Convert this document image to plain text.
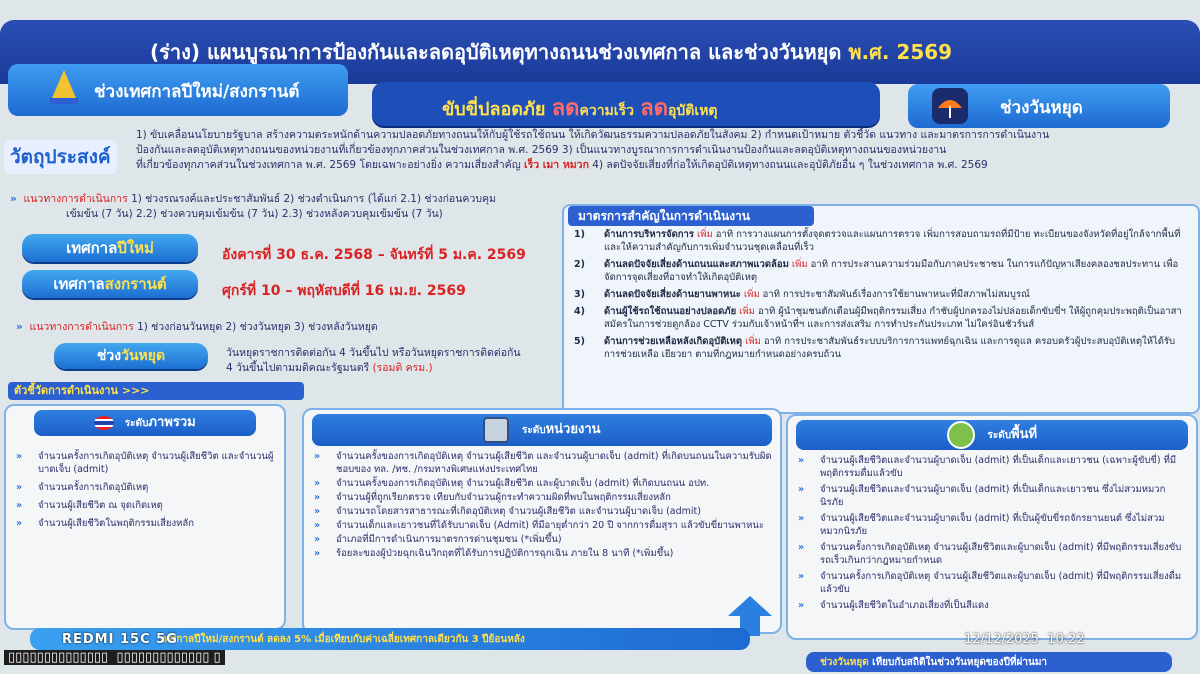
(ร่าง) แผนบูรณาการป้องกันและลดอุบัติเหตุทางถนนช่วงเทศกาล และช่วงวันหยุด พ.ศ. 2569
ช่วงเทศกาลปีใหม่/สงกรานต์
ขับขี่ปลอดภัย ลดความเร็ว ลดอุบัติเหตุ	ช่วงวันหยุด
วัตถุประสงค์
1) ขับเคลื่อนนโยบายรัฐบาล สร้างความตระหนักด้านความปลอดภัยทางถนนให้กับผู้ใช้รถใช้ถนน ให้เกิดวัฒนธรรมความปลอดภัยในสังคม 2) กำหนดเป้าหมาย ตัวชี้วัด แนวทาง และมาตรการการดำเนินงาน
ป้องกันและลดอุบัติเหตุทางถนนของหน่วยงานที่เกี่ยวข้องทุกภาคส่วนในช่วงเทศกาล พ.ศ. 2569 3) เป็นแนวทางบูรณาการการดำเนินงานป้องกันและลดอุบัติเหตุทางถนนของหน่วยงาน
ที่เกี่ยวข้องทุกภาคส่วนในช่วงเทศกาล พ.ศ. 2569 โดยเฉพาะอย่างยิ่ง ความเสี่ยงสำคัญ เร็ว เมา หมวก 4) ลดปัจจัยเสี่ยงที่ก่อให้เกิดอุบัติเหตุทางถนนและอุบัติภัยอื่น ๆ ในช่วงเทศกาล พ.ศ. 2569
» แนวทางการดำเนินการ 1) ช่วงรณรงค์และประชาสัมพันธ์ 2) ช่วงดำเนินการ (ได้แก่ 2.1) ช่วงก่อนควบคุม
เข้มข้น (7 วัน) 2.2) ช่วงควบคุมเข้มข้น (7 วัน) 2.3) ช่วงหลังควบคุมเข้มข้น (7 วัน)
เทศกาลปีใหม่	อังคารที่ 30 ธ.ค. 2568 – จันทร์ที่ 5 ม.ค. 2569
เทศกาลสงกรานต์	ศุกร์ที่ 10 – พฤหัสบดีที่ 16 เม.ย. 2569
» แนวทางการดำเนินการ 1) ช่วงก่อนวันหยุด 2) ช่วงวันหยุด 3) ช่วงหลังวันหยุด
ช่วงวันหยุด	วันหยุดราชการติดต่อกัน 4 วันขึ้นไป หรือวันหยุดราชการติดต่อกัน
4 วันขึ้นไปตามมติคณะรัฐมนตรี (รอมติ ครม.)
ตัวชี้วัดการดำเนินงาน >>>
มาตรการสำคัญในการดำเนินงาน
1)	ด้านการบริหารจัดการ เพิ่ม อาทิ การวางแผนการตั้งจุดตรวจและแผนการตรวจ เพิ่มการสอบถามรถที่มีป้าย ทะเบียนของจังหวัดที่อยู่ใกล้จากพื้นที่ และให้ความสำคัญกับการเพิ่มจำนวนชุดเคลื่อนที่เร็ว
2)	ด้านลดปัจจัยเสี่ยงด้านถนนและสภาพแวดล้อม เพิ่ม อาทิ การประสานความร่วมมือกับภาคประชาชน ในการแก้ปัญหาเสียงคลองชลประทาน เพื่อจัดการจุดเสี่ยงที่อาจทำให้เกิดอุบัติเหตุ
3)	ด้านลดปัจจัยเสี่ยงด้านยานพาหนะ เพิ่ม อาทิ การประชาสัมพันธ์เรื่องการใช้ยานพาหนะที่มีสภาพไม่สมบูรณ์
4)	ด้านผู้ใช้รถใช้ถนนอย่างปลอดภัย เพิ่ม อาทิ ผู้นำชุมชนตักเตือนผู้มีพฤติกรรมเสี่ยง กำชับผู้ปกครองไม่ปล่อยเด็กขับขี่ฯ ให้ผู้ถูกคุมประพฤติเป็นอาสาสมัครในการช่วยดูกล้อง CCTV ร่วมกับเจ้าหน้าที่ฯ และการส่งเสริม การทำประกันประเภท ไม่ใคร่อินชัวร์นส์
5)	ด้านการช่วยเหลือหลังเกิดอุบัติเหตุ เพิ่ม อาทิ การประชาสัมพันธ์ระบบบริการการแพทย์ฉุกเฉิน และการดูแล ครอบครัวผู้ประสบอุบัติเหตุให้ได้รับการช่วยเหลือ เยียวยา ตามที่กฎหมายกำหนดอย่างครบถ้วน
ระดับภาพรวม
»	จำนวนครั้งการเกิดอุบัติเหตุ จำนวนผู้เสียชีวิต และจำนวนผู้บาดเจ็บ (admit)
»	จำนวนครั้งการเกิดอุบัติเหตุ
»	จำนวนผู้เสียชีวิต ณ จุดเกิดเหตุ
»	จำนวนผู้เสียชีวิตในพฤติกรรมเสี่ยงหลัก
ระดับหน่วยงาน
»	จำนวนครั้งของการเกิดอุบัติเหตุ จำนวนผู้เสียชีวิต และจำนวนผู้บาดเจ็บ (admit) ที่เกิดบนถนนในความรับผิดชอบของ ทล. /ทช. /กรมทางพิเศษแห่งประเทศไทย
»	จำนวนครั้งของการเกิดอุบัติเหตุ จำนวนผู้เสียชีวิต และผู้บาดเจ็บ (admit) ที่เกิดบนถนน อปท.
»	จำนวนผู้ที่ถูกเรียกตรวจ เทียบกับจำนวนผู้กระทำความผิดที่พบในพฤติกรรมเสี่ยงหลัก
»	จำนวนรถโดยสารสาธารณะที่เกิดอุบัติเหตุ จำนวนผู้เสียชีวิต และจำนวนผู้บาดเจ็บ (admit)
»	จำนวนเด็กและเยาวชนที่ได้รับบาดเจ็บ (Admit) ที่มีอายุต่ำกว่า 20 ปี จากการดื่มสุรา แล้วขับขี่ยานพาหนะ
»	อำเภอที่มีการดำเนินการมาตรการด่านชุมชน (*เพิ่มขึ้น)
»	ร้อยละของผู้ป่วยฉุกเฉินวิกฤตที่ได้รับการปฏิบัติการฉุกเฉิน ภายใน 8 นาที (*เพิ่มขึ้น)
ระดับพื้นที่
»	จำนวนผู้เสียชีวิตและจำนวนผู้บาดเจ็บ (admit) ที่เป็นเด็กและเยาวชน (เฉพาะผู้ขับขี่) ที่มีพฤติกรรมดื่มแล้วขับ
»	จำนวนผู้เสียชีวิตและจำนวนผู้บาดเจ็บ (admit) ที่เป็นเด็กและเยาวชน ซึ่งไม่สวมหมวกนิรภัย
»	จำนวนผู้เสียชีวิตและจำนวนผู้บาดเจ็บ (admit) ที่เป็นผู้ขับขี่รถจักรยานยนต์ ซึ่งไม่สวมหมวกนิรภัย
»	จำนวนครั้งการเกิดอุบัติเหตุ จำนวนผู้เสียชีวิตและผู้บาดเจ็บ (admit) ที่มีพฤติกรรมเสี่ยงขับรถเร็วเกินกว่ากฎหมายกำหนด
»	จำนวนครั้งการเกิดอุบัติเหตุ จำนวนผู้เสียชีวิตและผู้บาดเจ็บ (admit) ที่มีพฤติกรรมเสี่ยงดื่มแล้วขับ
»	จำนวนผู้เสียชีวิตในอำเภอเสี่ยงที่เป็นสีแดง
เทศกาลปีใหม่/สงกรานต์ ลดลง 5% เมื่อเทียบกับค่าเฉลี่ยเทศกาลเดียวกัน 3 ปีย้อนหลัง
ช่วงวันหยุด เทียบกับสถิติในช่วงวันหยุดของปีที่ผ่านมา
REDMI 15C 5G	12/12/2025  10:22
▯▯▯▯▯▯▯▯▯▯▯▯▯▯  ▯▯▯▯▯▯▯▯▯▯▯▯▯ ▯
